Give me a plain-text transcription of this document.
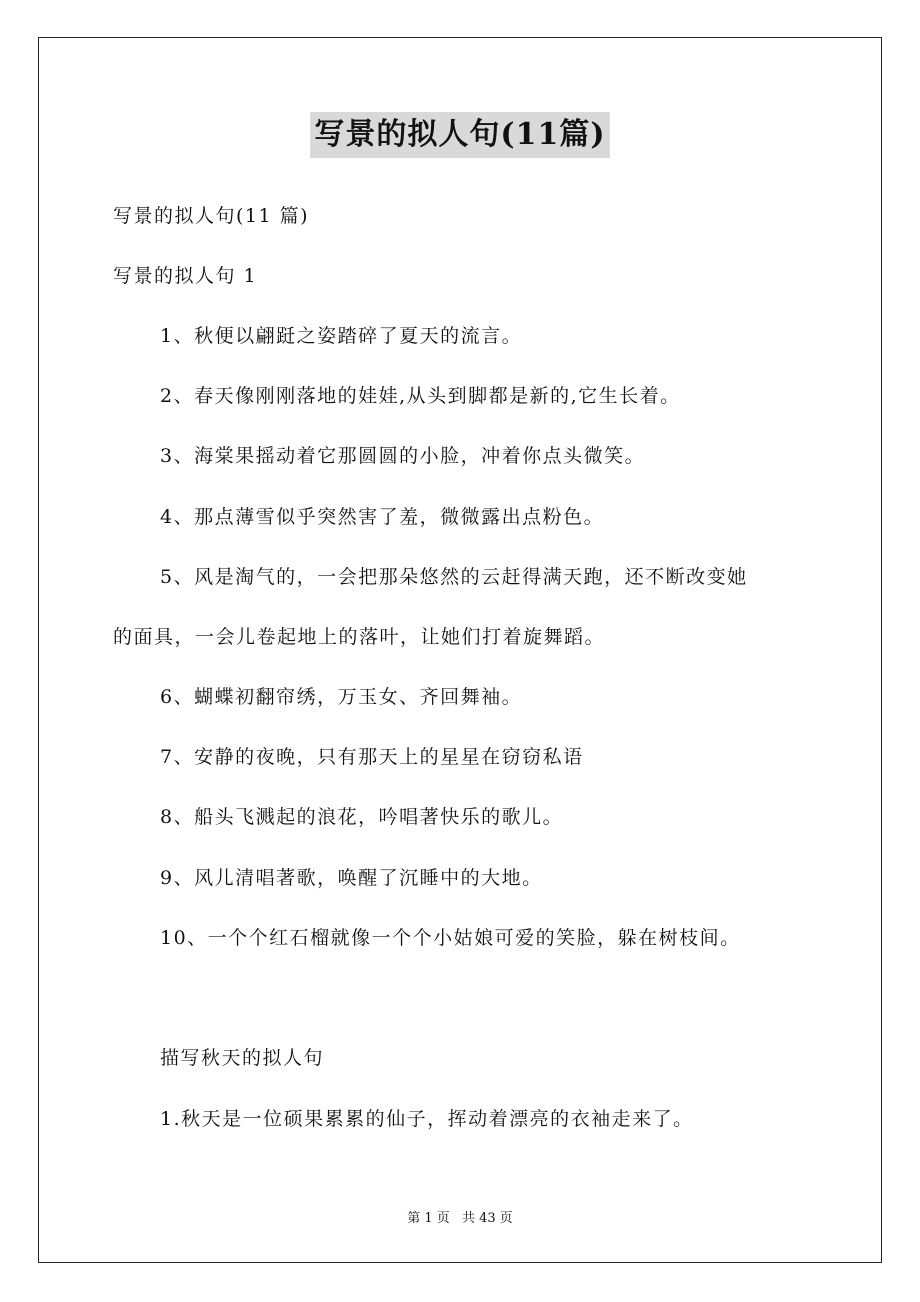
写景的拟人句(11篇)
写景的拟人句(11 篇)
写景的拟人句 1
1、秋便以翩跹之姿踏碎了夏天的流言。
2、春天像刚刚落地的娃娃,从头到脚都是新的,它生长着。
3、海棠果摇动着它那圆圆的小脸，冲着你点头微笑。
4、那点薄雪似乎突然害了羞，微微露出点粉色。
5、风是淘气的，一会把那朵悠然的云赶得满天跑，还不断改变她
的面具，一会儿卷起地上的落叶，让她们打着旋舞蹈。
6、蝴蝶初翻帘绣，万玉女、齐回舞袖。
7、安静的夜晚，只有那天上的星星在窃窃私语
8、船头飞溅起的浪花，吟唱著快乐的歌儿。
9、风儿清唱著歌，唤醒了沉睡中的大地。
10、一个个红石榴就像一个个小姑娘可爱的笑脸，躲在树枝间。
描写秋天的拟人句
1.秋天是一位硕果累累的仙子，挥动着漂亮的衣袖走来了。
第 1 页 共 43 页
